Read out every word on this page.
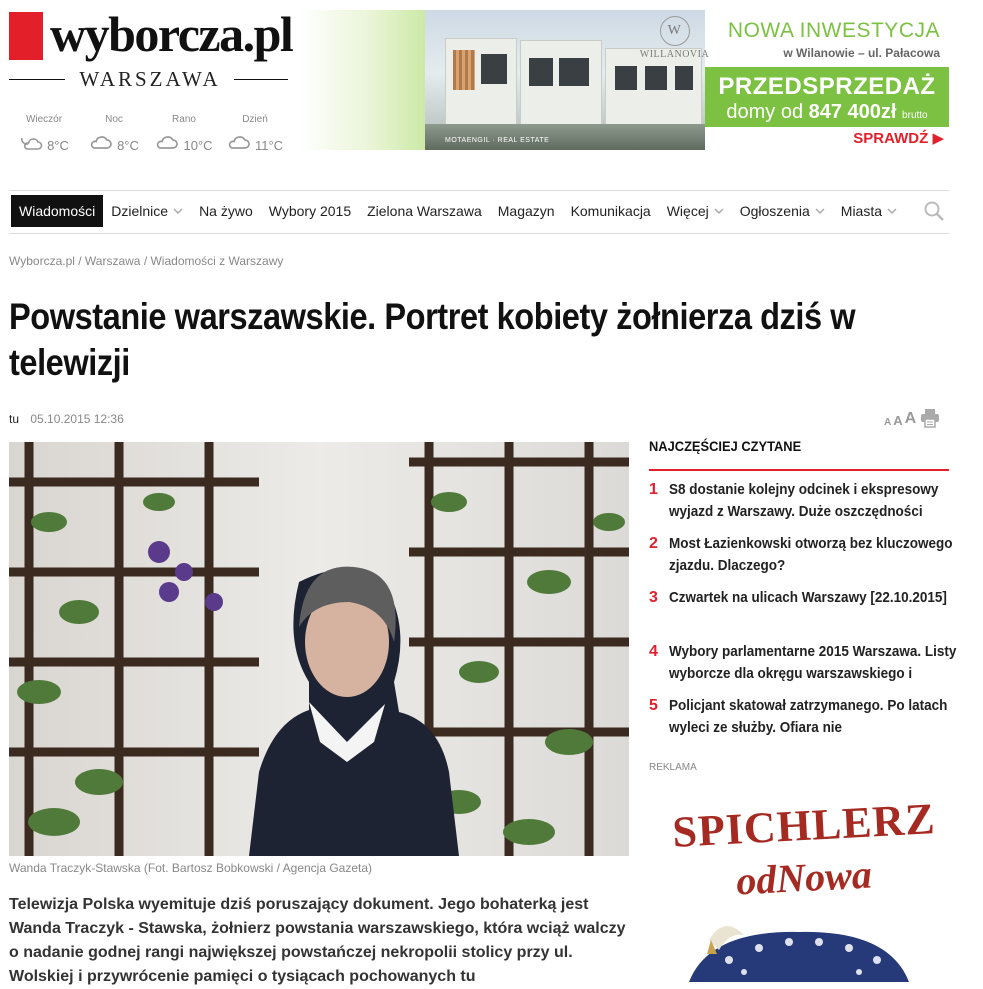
wyborcza.pl
WARSZAWA
Wieczór
8°C
Noc
8°C
Rano
10°C
Dzień
11°C	MOTAENGIL · REAL ESTATE
W
WILLANOVIA
NOWA INWESTYCJA
w Wilanowie – ul. Pałacowa
PRZEDSPRZEDAŻ
domy od 847 400zł brutto
SPRAWDŹ ▶
Wiadomości Dzielnice Na żywo Wybory 2015 Zielona Warszawa Magazyn Komunikacja Więcej Ogłoszenia Miasta
Wyborcza.pl / Warszawa / Wiadomości z Warszawy
Powstanie warszawskie. Portret kobiety żołnierza dziś w telewizji
tu 05.10.2015 12:36	A A A
Wanda Traczyk-Stawska (Fot. Bartosz Bobkowski / Agencja Gazeta)
Telewizja Polska wyemituje dziś poruszający dokument. Jego bohaterką jest Wanda Traczyk - Stawska, żołnierz powstania warszawskiego, która wciąż walczy o nadanie godnej rangi największej powstańczej nekropolii stolicy przy ul. Wolskiej i przywrócenie pamięci o tysiącach pochowanych tu
NAJCZĘŚCIEJ CZYTANE
1 S8 dostanie kolejny odcinek i ekspresowy wyjazd z Warszawy. Duże oszczędności
2 Most Łazienkowski otworzą bez kluczowego zjazdu. Dlaczego?
3 Czwartek na ulicach Warszawy [22.10.2015]
4 Wybory parlamentarne 2015 Warszawa. Listy wyborcze dla okręgu warszawskiego i
5 Policjant skatował zatrzymanego. Po latach wyleci ze służby. Ofiara nie
REKLAMA
SPICHLERZ
odNowa
